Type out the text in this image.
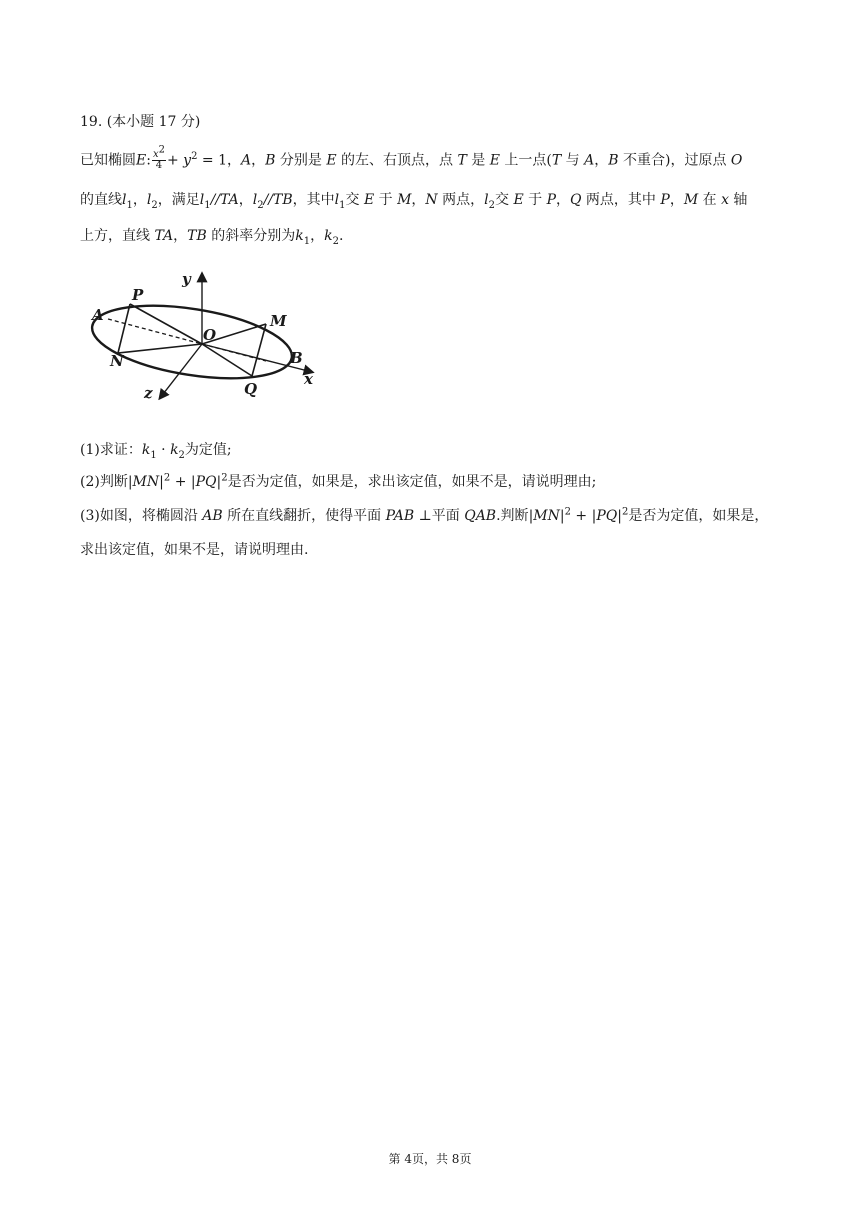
19. (本小题 17 分)
已知椭圆E: $\frac{x^2}{4} + y^2 = 1$，A，B 分别是 E 的左、右顶点，点 T 是 E 上一点(T 与 A，B 不重合)，过原点 O
的直线$l_1$，$l_2$，满足$l_1//TA$，$l_2//TB$，其中$l_1$交 E 于 M，N 两点，$l_2$交 E 于 P，Q 两点，其中 P，M 在 x 轴
上方，直线 TA，TB 的斜率分别为$k_1$，$k_2$.
y
x
z
A
P
O
M
N	B
Q
(1)求证：$k_1 \cdot k_2$为定值;
(2)判断$|MN|^2 + |PQ|^2$是否为定值，如果是，求出该定值，如果不是，请说明理由;
(3)如图，将椭圆沿 AB 所在直线翻折，使得平面 PAB ⊥平面 QAB.判断$|MN|^2 + |PQ|^2$是否为定值，如果是，
求出该定值，如果不是，请说明理由.
第 4页，共 8页
